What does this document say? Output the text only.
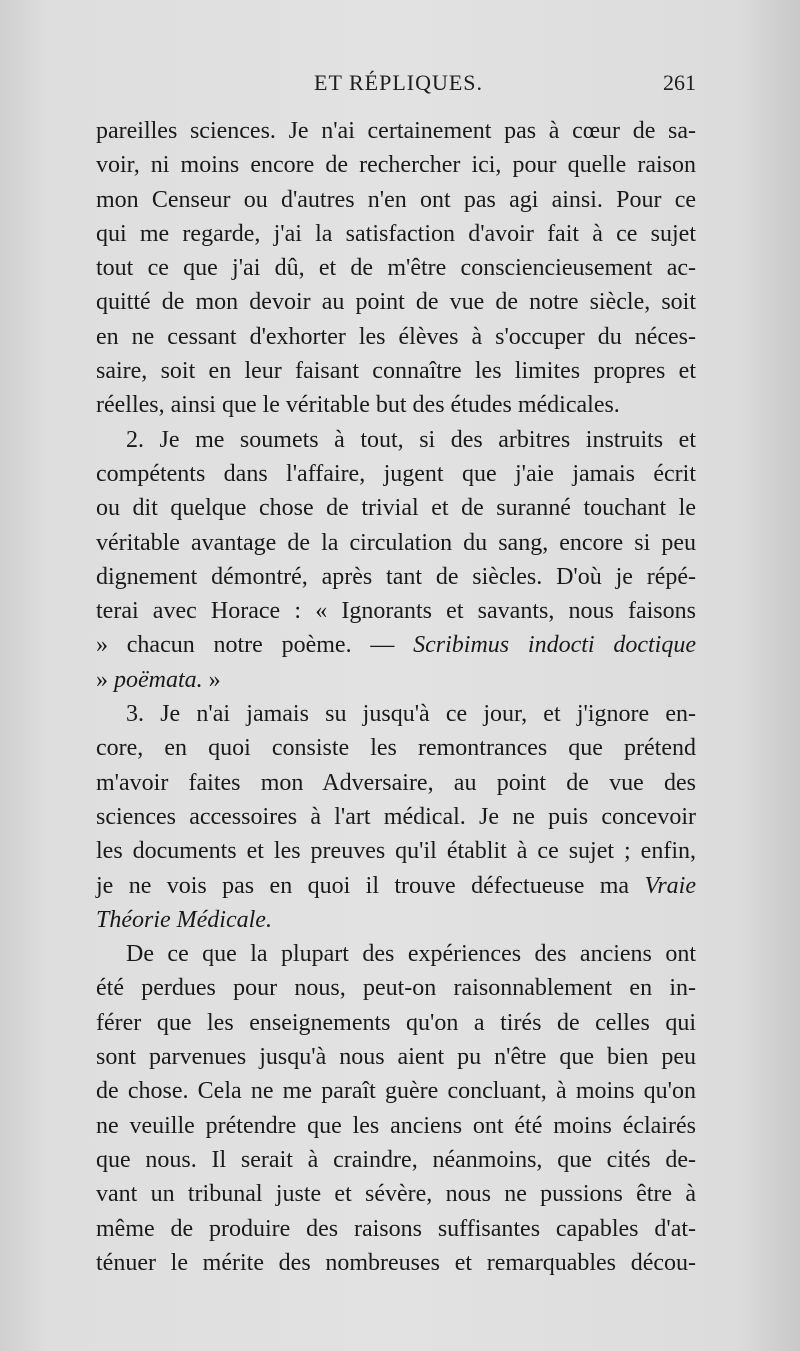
ET RÉPLIQUES.	261
pareilles sciences. Je n'ai certainement pas à cœur de sa-
voir, ni moins encore de rechercher ici, pour quelle raison
mon Censeur ou d'autres n'en ont pas agi ainsi. Pour ce
qui me regarde, j'ai la satisfaction d'avoir fait à ce sujet
tout ce que j'ai dû, et de m'être consciencieusement ac-
quitté de mon devoir au point de vue de notre siècle, soit
en ne cessant d'exhorter les élèves à s'occuper du néces-
saire, soit en leur faisant connaître les limites propres et
réelles, ainsi que le véritable but des études médicales.
2. Je me soumets à tout, si des arbitres instruits et
compétents dans l'affaire, jugent que j'aie jamais écrit
ou dit quelque chose de trivial et de suranné touchant le
véritable avantage de la circulation du sang, encore si peu
dignement démontré, après tant de siècles. D'où je répé-
terai avec Horace : « Ignorants et savants, nous faisons
» chacun notre poème. — Scribimus indocti doctique
» poëmata. »
3. Je n'ai jamais su jusqu'à ce jour, et j'ignore en-
core, en quoi consiste les remontrances que prétend
m'avoir faites mon Adversaire, au point de vue des
sciences accessoires à l'art médical. Je ne puis concevoir
les documents et les preuves qu'il établit à ce sujet ; enfin,
je ne vois pas en quoi il trouve défectueuse ma Vraie
Théorie Médicale.
De ce que la plupart des expériences des anciens ont
été perdues pour nous, peut-on raisonnablement en in-
férer que les enseignements qu'on a tirés de celles qui
sont parvenues jusqu'à nous aient pu n'être que bien peu
de chose. Cela ne me paraît guère concluant, à moins qu'on
ne veuille prétendre que les anciens ont été moins éclairés
que nous. Il serait à craindre, néanmoins, que cités de-
vant un tribunal juste et sévère, nous ne pussions être à
même de produire des raisons suffisantes capables d'at-
ténuer le mérite des nombreuses et remarquables décou-
